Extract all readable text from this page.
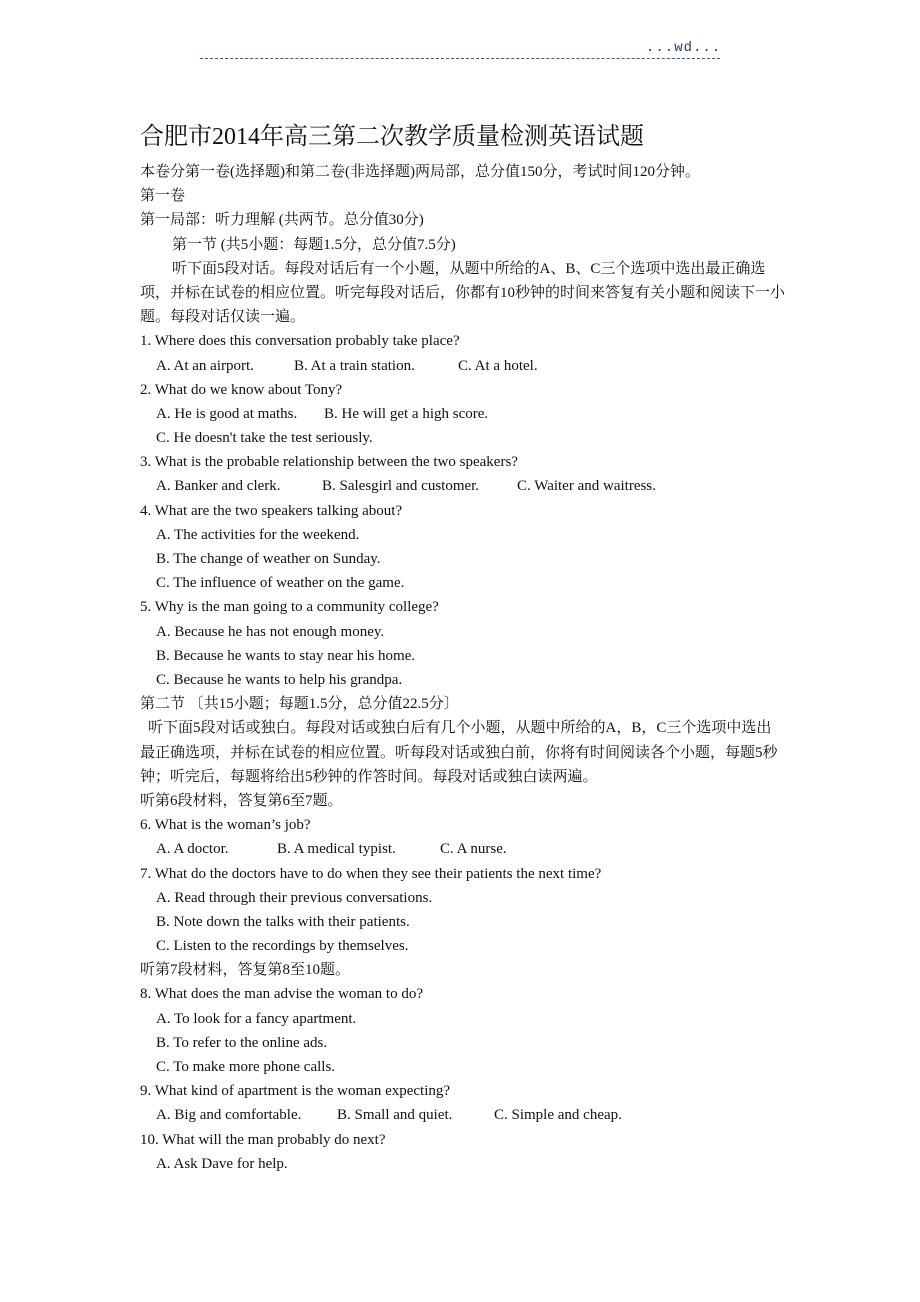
...wd...
合肥市2014年高三第二次教学质量检测英语试题
本卷分第一卷(选择题)和第二卷(非选择题)两局部，总分值150分，考试时间120分钟。
第一卷
第一局部：听力理解 (共两节。总分值30分)
第一节 (共5小题：每题1.5分，总分值7.5分)
听下面5段对话。每段对话后有一个小题，从题中所给的A、B、C三个选项中选出最正确选项，并标在试卷的相应位置。听完每段对话后，你都有10秒钟的时间来答复有关小题和阅读下一小题。每段对话仅读一遍。
1. Where does this conversation probably take place?
A. At an airport.	B. At a train station.	C. At a hotel.
2. What do we know about Tony?
A. He is good at maths. B. He will get a high score.
C. He doesn't take the test seriously.
3. What is the probable relationship between the two speakers?
A. Banker and clerk.	B. Salesgirl and customer.	C. Waiter and waitress.
4. What are the two speakers talking about?
A. The activities for the weekend.
B. The change of weather on Sunday.
C. The influence of weather on the game.
5. Why is the man going to a community college?
A. Because he has not enough money.
B. Because he wants to stay near his home.
C. Because he wants to help his grandpa.
第二节 〔共15小题；每题1.5分，总分值22.5分〕
听下面5段对话或独白。每段对话或独白后有几个小题，从题中所给的A，B，C三个选项中选出最正确选项，并标在试卷的相应位置。听每段对话或独白前，你将有时间阅读各个小题，每题5秒钟；听完后，每题将给出5秒钟的作答时间。每段对话或独白读两遍。
听第6段材料，答复第6至7题。
6. What is the woman’s job?
A. A doctor.	B. A medical typist.	C. A nurse.
7. What do the doctors have to do when they see their patients the next time?
A. Read through their previous conversations.
B. Note down the talks with their patients.
C. Listen to the recordings by themselves.
听第7段材料，答复第8至10题。
8. What does the man advise the woman to do?
A. To look for a fancy apartment.
B. To refer to the online ads.
C. To make more phone calls.
9. What kind of apartment is the woman expecting?
A. Big and comfortable. B. Small and quiet.	C. Simple and cheap.
10. What will the man probably do next?
A. Ask Dave for help.
